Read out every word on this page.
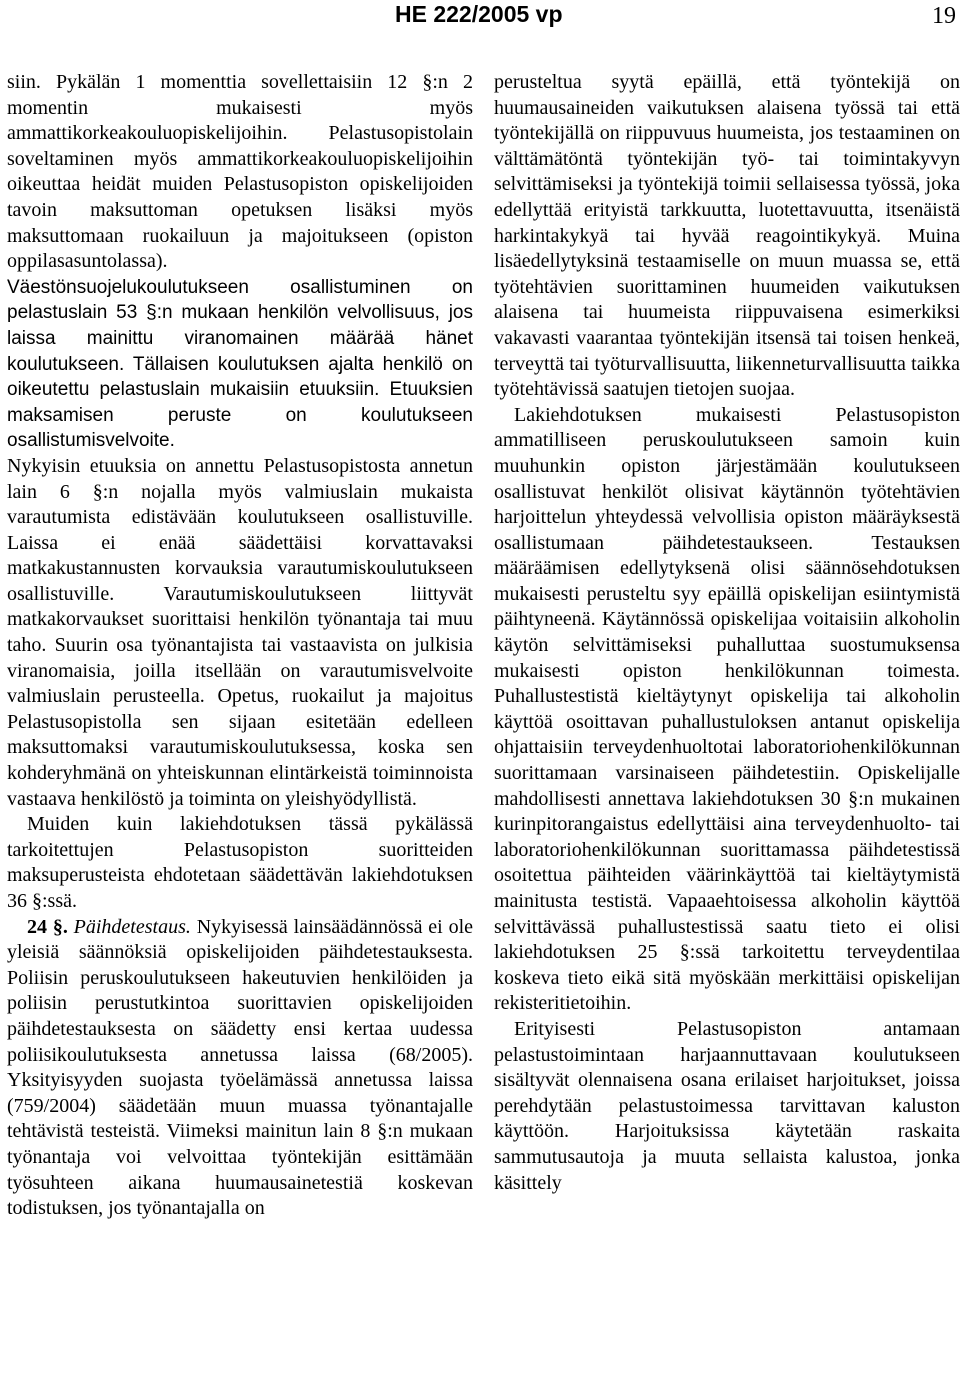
HE 222/2005 vp	19

siin. Pykälän 1 momenttia sovellettaisiin 12 §:n 2 momentin mukaisesti myös ammattikorkeakouluopiskelijoihin. Pelastusopistolain soveltaminen myös ammattikorkeakouluopiskelijoihin oikeuttaa heidät muiden Pelastusopiston opiskelijoiden tavoin maksuttoman opetuksen lisäksi myös maksuttomaan ruokailuun ja majoitukseen (opiston oppilasasuntolassa).

Väestönsuojelukoulutukseen osallistuminen on pelastuslain 53 §:n mukaan henkilön velvollisuus, jos laissa mainittu viranomainen määrää hänet koulutukseen. Tällaisen koulutuksen ajalta henkilö on oikeutettu pelastuslain mukaisiin etuuksiin. Etuuksien maksamisen peruste on koulutukseen osallistumisvelvoite.

Nykyisin etuuksia on annettu Pelastusopistosta annetun lain 6 §:n nojalla myös valmiuslain mukaista varautumista edistävään koulutukseen osallistuville. Laissa ei enää säädettäisi korvattavaksi matkakustannusten korvauksia varautumiskoulutukseen osallistuville. Varautumiskoulutukseen liittyvät matkakorvaukset suorittaisi henkilön työnantaja tai muu taho. Suurin osa työnantajista tai vastaavista on julkisia viranomaisia, joilla itsellään on varautumisvelvoite valmiuslain perusteella. Opetus, ruokailut ja majoitus Pelastusopistolla sen sijaan esitetään edelleen maksuttomaksi varautumiskoulutuksessa, koska sen kohderyhmänä on yhteiskunnan elintärkeistä toiminnoista vastaava henkilöstö ja toiminta on yleishyödyllistä.

Muiden kuin lakiehdotuksen tässä pykälässä tarkoitettujen Pelastusopiston suoritteiden maksuperusteista ehdotetaan säädettävän lakiehdotuksen 36 §:ssä.

24 §. Päihdetestaus. Nykyisessä lainsäädännössä ei ole yleisiä säännöksiä opiskelijoiden päihdetestauksesta. Poliisin peruskoulutukseen hakeutuvien henkilöiden ja poliisin perustutkintoa suorittavien opiskelijoiden päihdetestauksesta on säädetty ensi kertaa uudessa poliisikoulutuksesta annetussa laissa (68/2005). Yksityisyyden suojasta työelämässä annetussa laissa (759/2004) säädetään muun muassa työnantajalle tehtävistä testeistä. Viimeksi mainitun lain 8 §:n mukaan työnantaja voi velvoittaa työntekijän esittämään työsuhteen aikana huumausainetestiä koskevan todistuksen, jos työnantajalla on

perusteltua syytä epäillä, että työntekijä on huumausaineiden vaikutuksen alaisena työssä tai että työntekijällä on riippuvuus huumeista, jos testaaminen on välttämätöntä työntekijän työ- tai toimintakyvyn selvittämiseksi ja työntekijä toimii sellaisessa työssä, joka edellyttää erityistä tarkkuutta, luotettavuutta, itsenäistä harkintakykyä tai hyvää reagointikykyä. Muina lisäedellytyksinä testaamiselle on muun muassa se, että työtehtävien suorittaminen huumeiden vaikutuksen alaisena tai huumeista riippuvaisena esimerkiksi vakavasti vaarantaa työntekijän itsensä tai toisen henkeä, terveyttä tai työturvallisuutta, liikenneturvallisuutta taikka työtehtävissä saatujen tietojen suojaa.

Lakiehdotuksen mukaisesti Pelastusopiston ammatilliseen peruskoulutukseen samoin kuin muuhunkin opiston järjestämään koulutukseen osallistuvat henkilöt olisivat käytännön työtehtävien harjoittelun yhteydessä velvollisia opiston määräyksestä osallistumaan päihdetestaukseen. Testauksen määräämisen edellytyksenä olisi säännösehdotuksen mukaisesti perusteltu syy epäillä opiskelijan esiintymistä päihtyneenä. Käytännössä opiskelijaa voitaisiin alkoholin käytön selvittämiseksi puhalluttaa suostumuksensa mukaisesti opiston henkilökunnan toimesta. Puhallustestistä kieltäytynyt opiskelija tai alkoholin käyttöä osoittavan puhallustuloksen antanut opiskelija ohjattaisiin terveydenhuoltotai laboratoriohenkilökunnan suorittamaan varsinaiseen päihdetestiin. Opiskelijalle mahdollisesti annettava lakiehdotuksen 30 §:n mukainen kurinpitorangaistus edellyttäisi aina terveydenhuolto- tai laboratoriohenkilökunnan suorittamassa päihdetestissä osoitettua päihteiden väärinkäyttöä tai kieltäytymistä mainitusta testistä. Vapaaehtoisessa alkoholin käyttöä selvittävässä puhallustestissä saatu tieto ei olisi lakiehdotuksen 25 §:ssä tarkoitettu terveydentilaa koskeva tieto eikä sitä myöskään merkittäisi opiskelijan rekisteritietoihin.

Erityisesti Pelastusopiston antamaan pelastustoimintaan harjaannuttavaan koulutukseen sisältyvät olennaisena osana erilaiset harjoitukset, joissa perehdytään pelastustoimessa tarvittavan kaluston käyttöön. Harjoituksissa käytetään raskaita sammutusautoja ja muuta sellaista kalustoa, jonka käsittely
